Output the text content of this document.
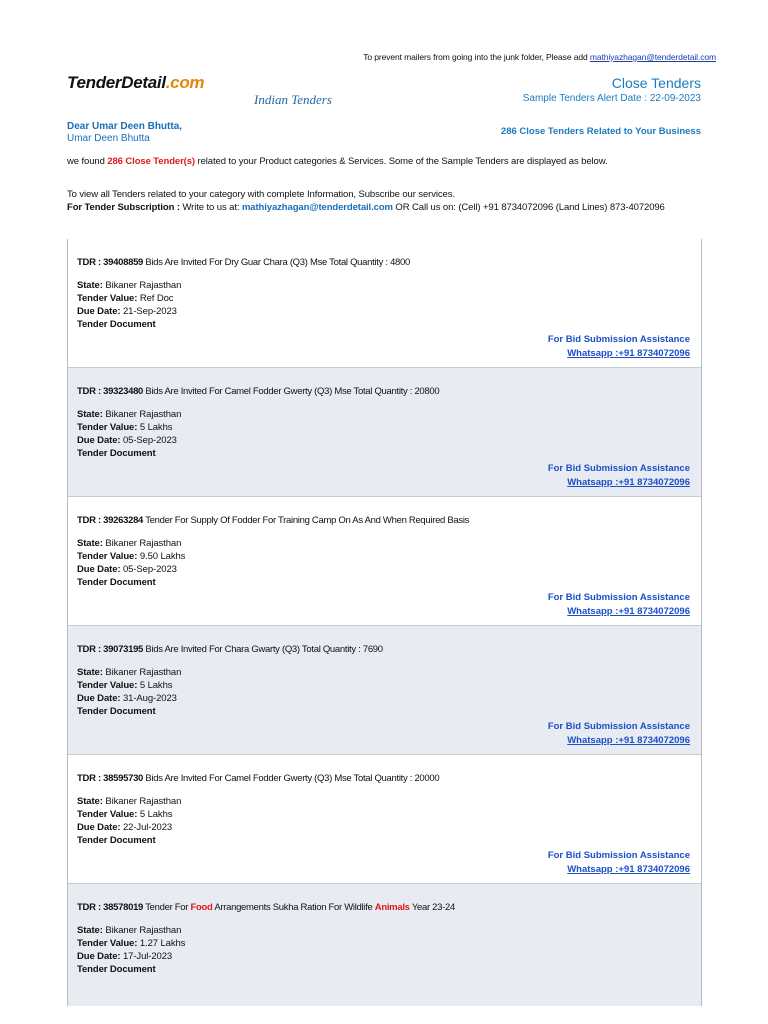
To prevent mailers from going into the junk folder, Please add mathiyazhagan@tenderdetail.com
TenderDetail.com
Indian Tenders
Close Tenders
Sample Tenders Alert Date : 22-09-2023
Dear Umar Deen Bhutta,
Umar Deen Bhutta
286 Close Tenders Related to Your Business
we found 286 Close Tender(s) related to your Product categories & Services. Some of the Sample Tenders are displayed as below.
To view all Tenders related to your category with complete Information, Subscribe our services.
For Tender Subscription : Write to us at: mathiyazhagan@tenderdetail.com OR Call us on: (Cell) +91 8734072096 (Land Lines) 873-4072096
TDR : 39408859 Bids Are Invited For Dry Guar Chara (Q3) Mse Total Quantity : 4800
State: Bikaner Rajasthan
Tender Value: Ref Doc
Due Date: 21-Sep-2023
Tender Document
For Bid Submission Assistance
Whatsapp :+91 8734072096
TDR : 39323480 Bids Are Invited For Camel Fodder Gwerty (Q3) Mse Total Quantity : 20800
State: Bikaner Rajasthan
Tender Value: 5 Lakhs
Due Date: 05-Sep-2023
Tender Document
For Bid Submission Assistance
Whatsapp :+91 8734072096
TDR : 39263284 Tender For Supply Of Fodder For Training Camp On As And When Required Basis
State: Bikaner Rajasthan
Tender Value: 9.50 Lakhs
Due Date: 05-Sep-2023
Tender Document
For Bid Submission Assistance
Whatsapp :+91 8734072096
TDR : 39073195 Bids Are Invited For Chara Gwarty (Q3) Total Quantity : 7690
State: Bikaner Rajasthan
Tender Value: 5 Lakhs
Due Date: 31-Aug-2023
Tender Document
For Bid Submission Assistance
Whatsapp :+91 8734072096
TDR : 38595730 Bids Are Invited For Camel Fodder Gwerty (Q3) Mse Total Quantity : 20000
State: Bikaner Rajasthan
Tender Value: 5 Lakhs
Due Date: 22-Jul-2023
Tender Document
For Bid Submission Assistance
Whatsapp :+91 8734072096
TDR : 38578019 Tender For Food Arrangements Sukha Ration For Wildlife Animals Year 23-24
State: Bikaner Rajasthan
Tender Value: 1.27 Lakhs
Due Date: 17-Jul-2023
Tender Document
